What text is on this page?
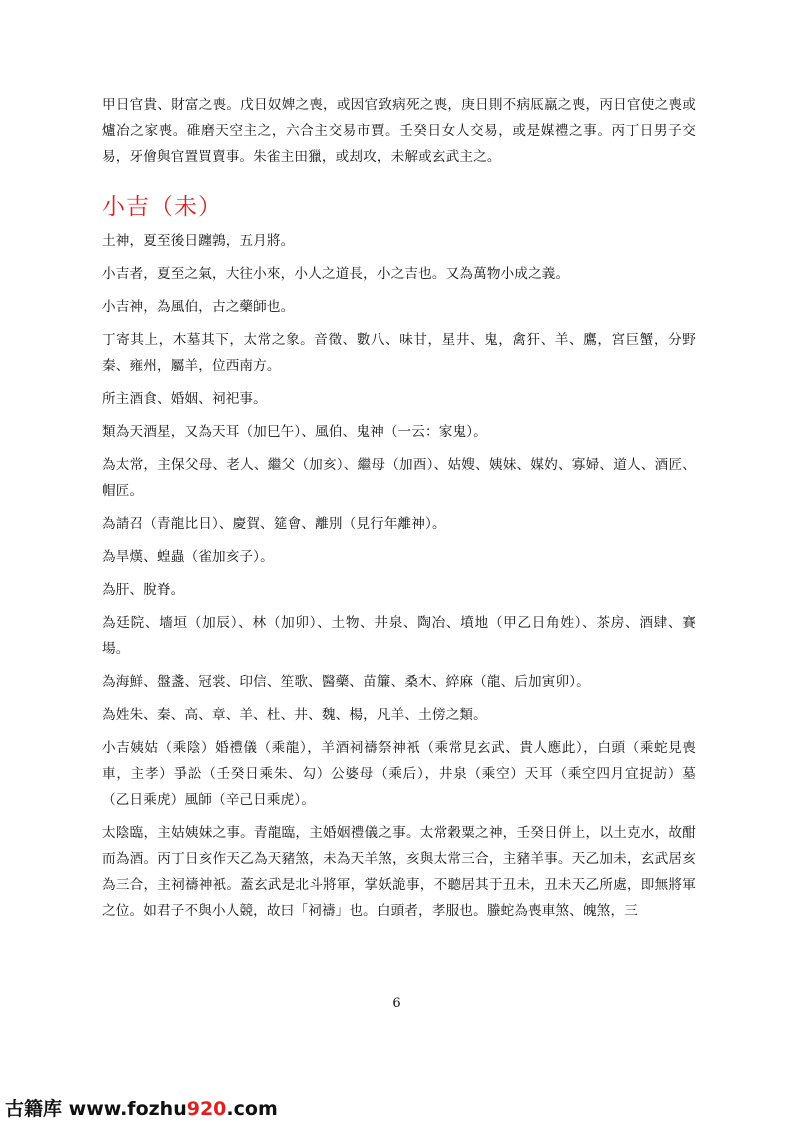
甲日官貴、財富之喪。戊日奴婢之喪，或因官致病死之喪，庚日則不病厎羸之喪，丙日官使之喪或爐冶之家喪。碓磨天空主之，六合主交易市賈。壬癸日女人交易，或是媒禮之事。丙丁日男子交易，牙儈與官置買賣事。朱雀主田獵，或刦攻，未解或玄武主之。

小吉（未）

土神，夏至後日躔鶉，五月將。

小吉者，夏至之氣，大往小來，小人之道長，小之吉也。又為萬物小成之義。

小吉神，為風伯，古之藥師也。

丁寄其上，木墓其下，太常之象。音徵、數八、味甘，星井、鬼，禽犴、羊、鷹，宮巨蟹，分野秦、雍州，屬羊，位西南方。

所主酒食、婚姻、祠祀事。

類為天酒星，又為天耳（加巳午）、風伯、鬼神（一云：家鬼）。

為太常，主保父母、老人、繼父（加亥）、繼母（加酉）、姑嫂、姨妹、媒妁、寡婦、道人、酒匠、帽匠。

為請召（青龍比日）、慶賀、筵會、離別（見行年離神）。

為旱熯、蝗蟲（雀加亥子）。

為肝、脫脊。

為廷院、墻垣（加辰）、林（加卯）、土物、井泉、陶冶、墳地（甲乙日角姓）、茶房、酒肆、賽場。

為海鮮、盤盞、冠裳、印信、笙歌、醫藥、苗簾、桑木、綷麻（龍、后加寅卯）。

為姓朱、秦、高、章、羊、杜、井、魏、楊，凡羊、土傍之類。

小吉姨姑（乘陰）婚禮儀（乘龍），羊酒祠禱祭神衹（乘常見玄武、貴人應此），白頭（乘蛇見喪車，主孝）爭訟（壬癸日乘朱、勾）公婆母（乘后），井泉（乘空）天耳（乘空四月宜捉訪）墓（乙日乘虎）風師（辛己日乘虎）。

太陰臨，主姑姨妹之事。青龍臨，主婚姻禮儀之事。太常穀粟之神，壬癸日併上，以土克水，故酣而為酒。丙丁日亥作天乙為天豬煞，未為天羊煞，亥與太常三合，主豬羊事。天乙加未，玄武居亥為三合，主祠禱神衹。蓋玄武是北斗將軍，掌妖詭事，不聽居其于丑未，丑未天乙所處，即無將軍之位。如君子不與小人競，故曰「祠禱」也。白頭者，孝服也。螣蛇為喪車煞、魄煞，三

6
古籍库 www.fozhu920.com
